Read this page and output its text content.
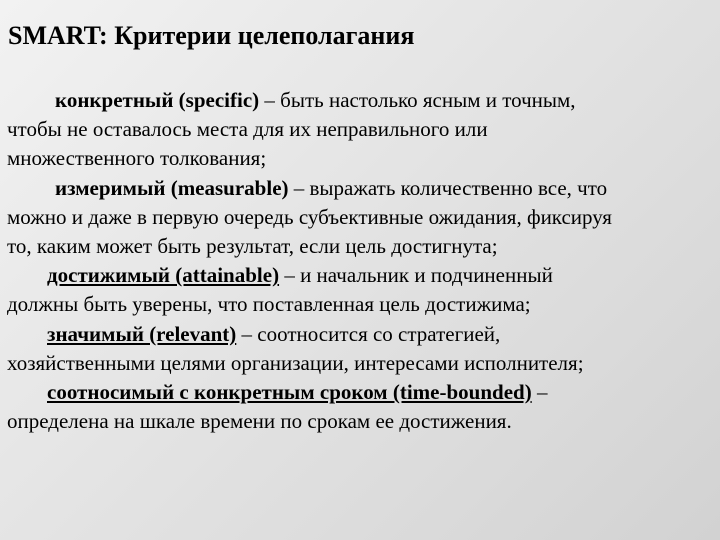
SMART: Критерии целеполагания
конкретный (specific) – быть настолько ясным и точным,
чтобы не оставалось места для их неправильного или
множественного толкования;
измеримый (measurable) – выражать количественно все, что
можно и даже в первую очередь субъективные ожидания, фиксируя
то, каким может быть результат, если цель достигнута;
достижимый (attainable) – и начальник и подчиненный
должны быть уверены, что поставленная цель достижима;
значимый (relevant) – соотносится со стратегией,
хозяйственными целями организации, интересами исполнителя;
соотносимый с конкретным сроком (time-bounded) –
определена на шкале времени по срокам ее достижения.
